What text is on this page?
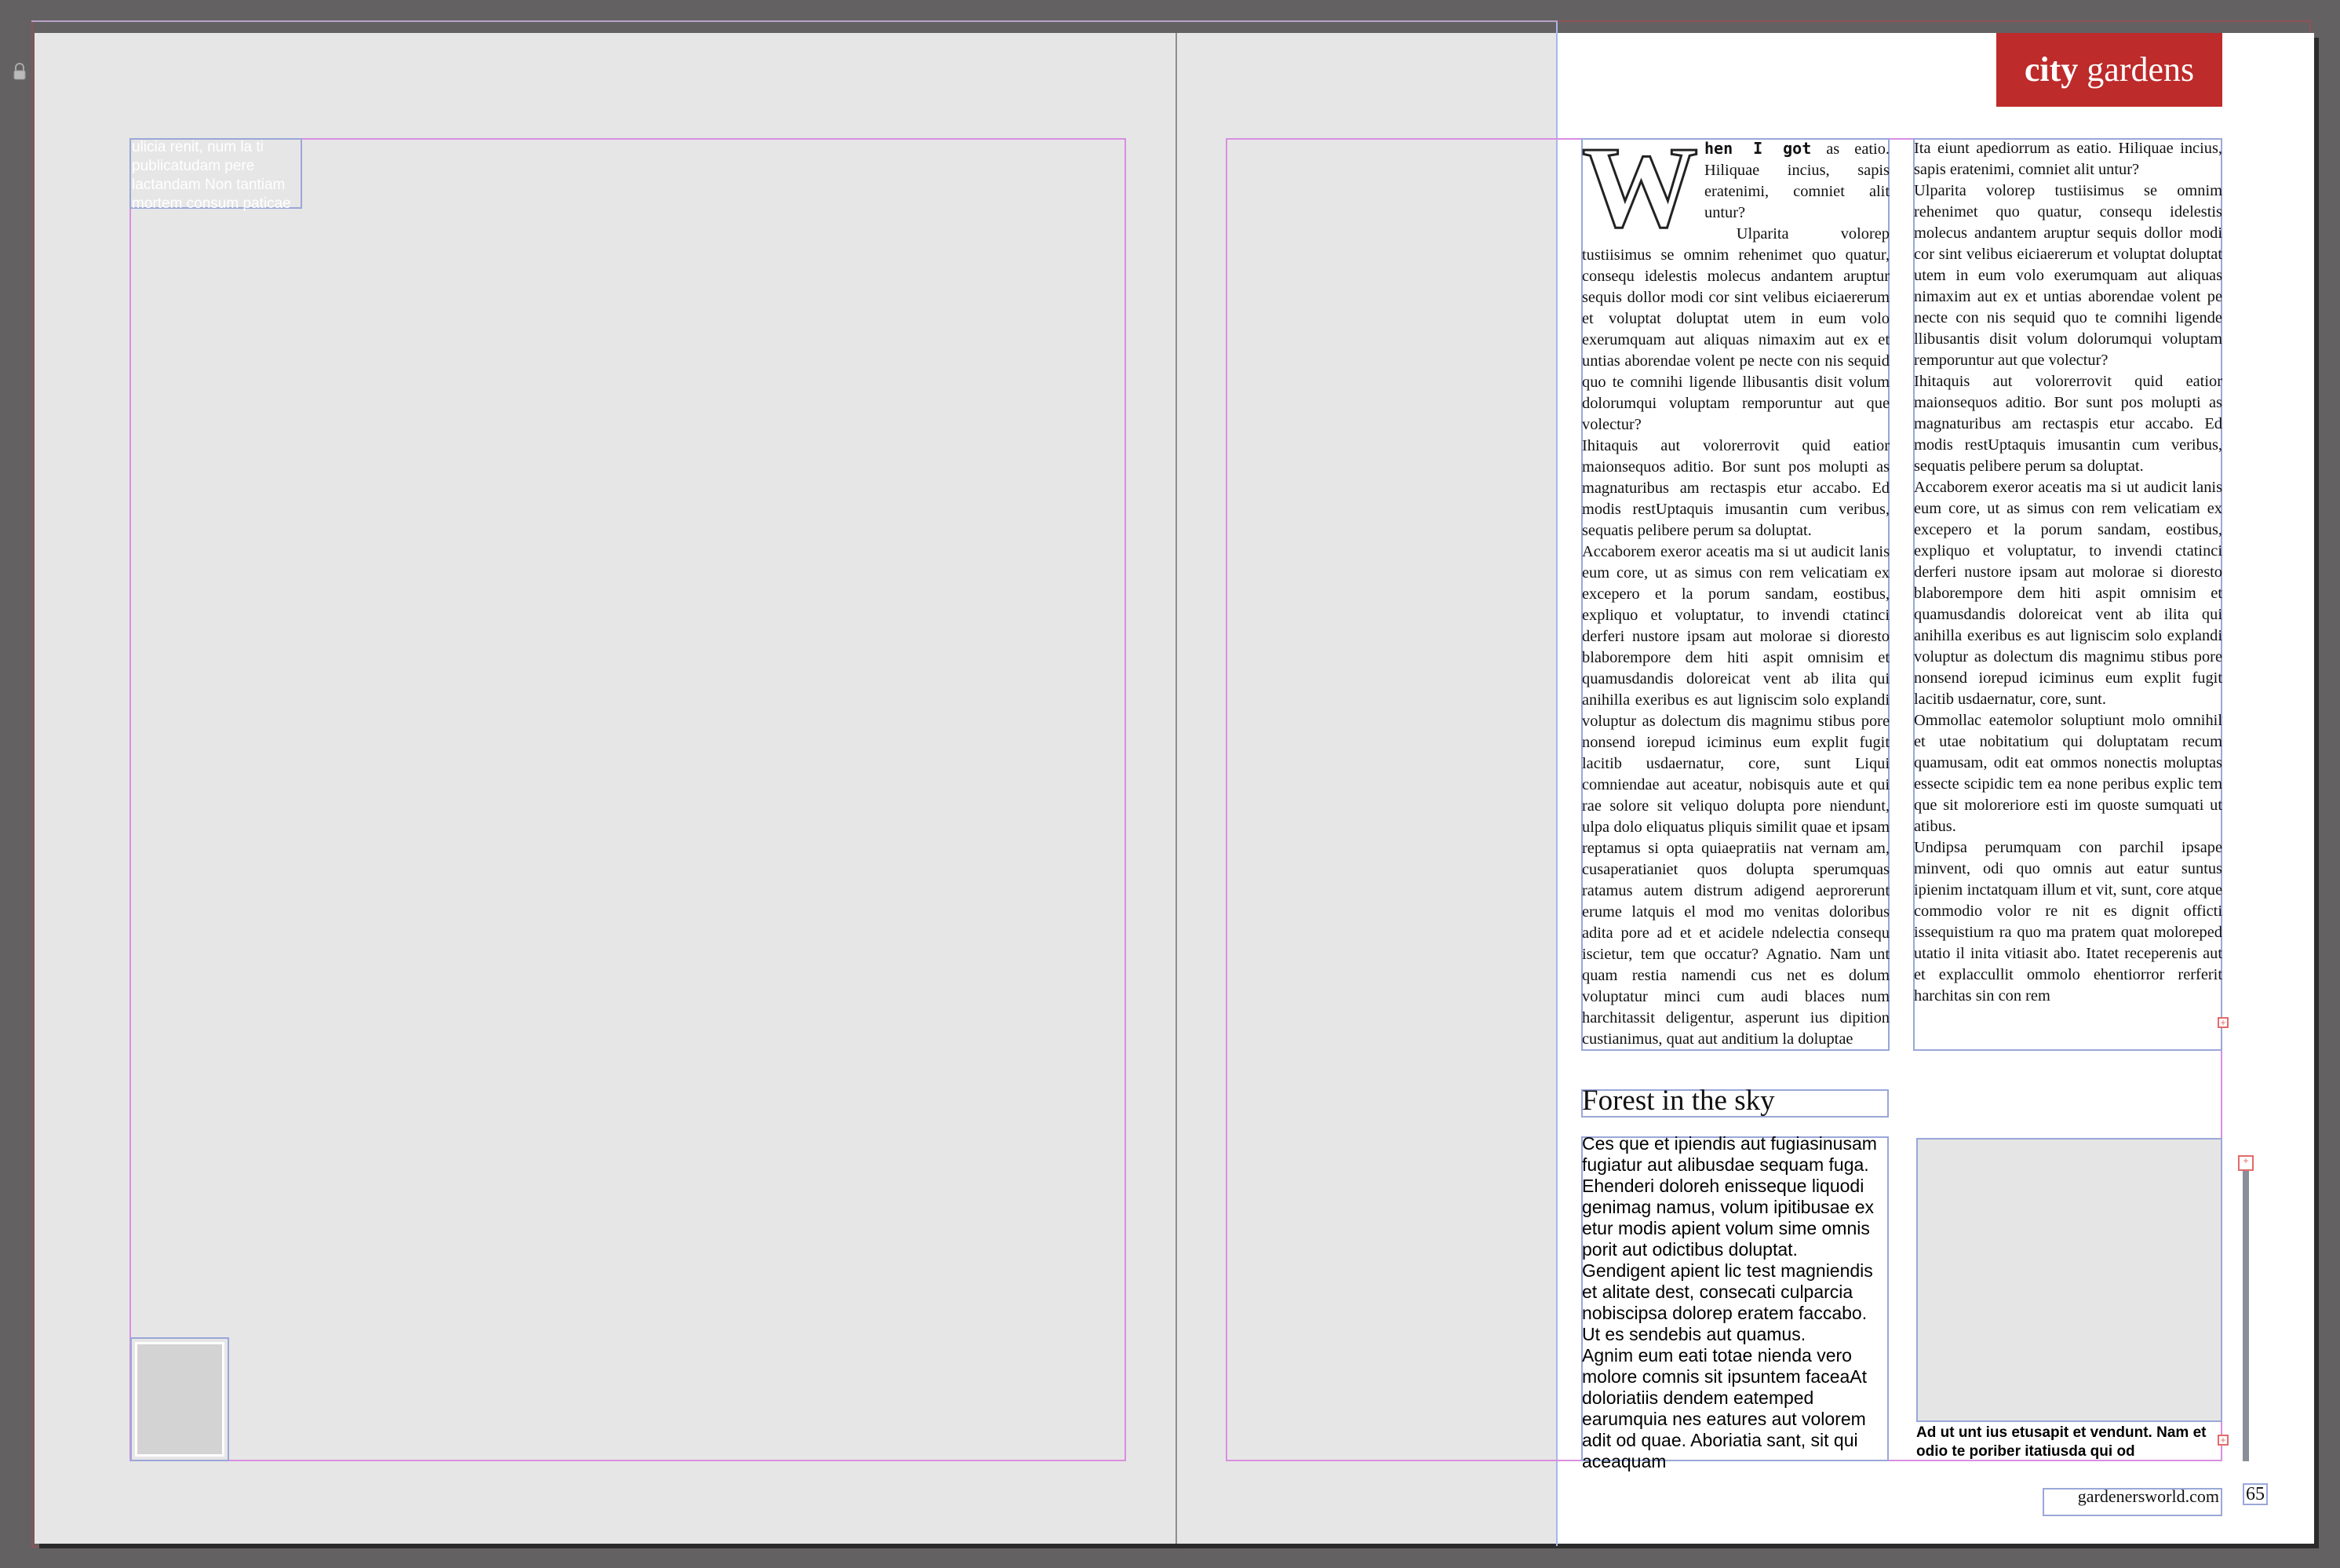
ulicia renit, num la ti publicatudam pere lactandam Non tantiam mortem consum paticae
city gardens

When I got as eatio. Hiliquae incius, sapis eratenimi, comniet alit untur?

Ulparita volorep tustiisimus se omnim rehenimet quo quatur, consequ idelestis molecus andantem aruptur sequis dollor modi cor sint velibus eiciaererum et voluptat doluptat utem in eum volo exerumquam aut aliquas nimaxim aut ex et untias aborendae volent pe necte con nis sequid quo te comnihi ligende llibusantis disit volum dolorumqui voluptam remporuntur aut que volectur?

Ihitaquis aut volorerrovit quid eatior maionsequos aditio. Bor sunt pos molupti as magnaturibus am rectaspis etur accabo. Ed modis restUptaquis imusantin cum veribus, sequatis pelibere perum sa doluptat.

Accaborem exeror aceatis ma si ut audicit lanis eum core, ut as simus con rem velicatiam ex excepero et la porum sandam, eostibus, expliquo et voluptatur, to invendi ctatinci derferi nustore ipsam aut molorae si dioresto blaborempore dem hiti aspit omnisim et quamusdandis doloreicat vent ab ilita qui anihilla exeribus es aut ligniscim solo explandi voluptur as dolectum dis magnimu stibus pore nonsend iorepud iciminus eum explit fugit lacitib usdaernatur, core, sunt Liqui comniendae aut aceatur, nobisquis aute et qui rae solore sit veliquo dolupta pore niendunt, ulpa dolo eliquatus pliquis similit quae et ipsam reptamus si opta quiaepratiis nat vernam am, cusaperatianiet quos dolupta sperumquas ratamus autem distrum adigend aeprorerunt erume latquis el mod mo venitas doloribus adita pore ad et et acidele ndelectia consequ iscietur, tem que occatur? Agnatio. Nam unt quam restia namendi cus net es dolum voluptatur minci cum audi blaces num harchitassit deligentur, asperunt ius dipition custianimus, quat aut anditium la doluptae

Ita eiunt apediorrum as eatio. Hiliquae incius, sapis eratenimi, comniet alit untur?

Ulparita volorep tustiisimus se omnim rehenimet quo quatur, consequ idelestis molecus andantem aruptur sequis dollor modi cor sint velibus eiciaererum et voluptat doluptat utem in eum volo exerumquam aut aliquas nimaxim aut ex et untias aborendae volent pe necte con nis sequid quo te comnihi ligende llibusantis disit volum dolorumqui voluptam remporuntur aut que volectur?

Ihitaquis aut volorerrovit quid eatior maionsequos aditio. Bor sunt pos molupti as magnaturibus am rectaspis etur accabo. Ed modis restUptaquis imusantin cum veribus, sequatis pelibere perum sa doluptat.

Accaborem exeror aceatis ma si ut audicit lanis eum core, ut as simus con rem velicatiam ex excepero et la porum sandam, eostibus, expliquo et voluptatur, to invendi ctatinci derferi nustore ipsam aut molorae si dioresto blaborempore dem hiti aspit omnisim et quamusdandis doloreicat vent ab ilita qui anihilla exeribus es aut ligniscim solo explandi voluptur as dolectum dis magnimu stibus pore nonsend iorepud iciminus eum explit fugit lacitib usdaernatur, core, sunt.

Ommollac eatemolor soluptiunt molo omnihil et utae nobitatium qui doluptatam recum quamusam, odit eat ommos nonectis moluptas essecte scipidic tem ea none peribus explic tem que sit moloreriore esti im quoste sumquati ut atibus.

Undipsa perumquam con parchil ipsape minvent, odi quo omnis aut eatur suntus ipienim inctatquam illum et vit, sunt, core atque commodio volor re nit es dignit officti issequistium ra quo ma pratem quat moloreped utatio il inita vitiasit abo. Itatet receperenis aut et explaccullit ommolo ehentiorror rerferit harchitas sin con rem

+
Forest in the sky

Ces que et ipiendis aut fugiasinusam fugiatur aut alibusdae sequam fuga. Ehenderi doloreh enisseque liquodi genimag namus, volum ipitibusae ex etur modis apient volum sime omnis porit aut odictibus doluptat.

Gendigent apient lic test magniendis et alitate dest, consecati culparcia nobiscipsa dolorep eratem faccabo. Ut es sendebis aut quamus.

Agnim eum eati totae nienda vero molore comnis sit ipsuntem faceaAt doloriatiis dendem eatemped earumquia nes eatures aut volorem adit od quae. Aboriatia sant, sit qui aceaquam

Ad ut unt ius etusapit et vendunt. Nam et odio te poriber itatiusda qui od
+
+
gardenersworld.com 65
